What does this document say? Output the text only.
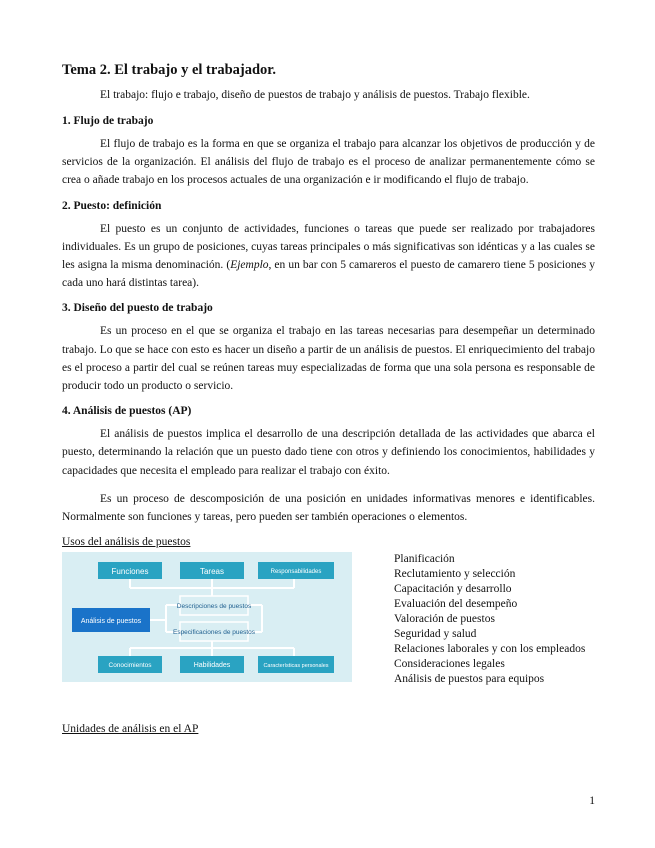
Tema 2. El trabajo y el trabajador.
El trabajo: flujo e trabajo, diseño de puestos de trabajo y análisis de puestos. Trabajo flexible.
1. Flujo de trabajo

El flujo de trabajo es la forma en que se organiza el trabajo para alcanzar los objetivos de producción y de servicios de la organización. El análisis del flujo de trabajo es el proceso de analizar permanentemente cómo se crea o añade trabajo en los procesos actuales de una organización e ir modificando el flujo de trabajo.

2. Puesto: definición

El puesto es un conjunto de actividades, funciones o tareas que puede ser realizado por trabajadores individuales. Es un grupo de posiciones, cuyas tareas principales o más significativas son idénticas y a las cuales se les asigna la misma denominación. (Ejemplo, en un bar con 5 camareros el puesto de camarero tiene 5 posiciones y cada uno hará distintas tarea).

3. Diseño del puesto de trabajo

Es un proceso en el que se organiza el trabajo en las tareas necesarias para desempeñar un determinado trabajo. Lo que se hace con esto es hacer un diseño a partir de un análisis de puestos. El enriquecimiento del trabajo es el proceso a partir del cual se reúnen tareas muy especializadas de forma que una sola persona es responsable de producir todo un producto o servicio.

4. Análisis de puestos (AP)

El análisis de puestos implica el desarrollo de una descripción detallada de las actividades que abarca el puesto, determinando la relación que un puesto dado tiene con otros y definiendo los conocimientos, habilidades y capacidades que necesita el empleado para realizar el trabajo con éxito.

Es un proceso de descomposición de una posición en unidades informativas menores e identificables. Normalmente son funciones y tareas, pero pueden ser también operaciones o elementos.

Usos del análisis de puestos
Funciones	Tareas	Responsabilidades
Análisis de puestos
Descripciones de puestos
Especificaciones de puestos
Conocimientos	Habilidades	Características personales
Planificación
Reclutamiento y selección
Capacitación y desarrollo
Evaluación del desempeño
Valoración de puestos
Seguridad y salud
Relaciones laborales y con los empleados
Consideraciones legales
Análisis de puestos para equipos
Unidades de análisis en el AP
1
